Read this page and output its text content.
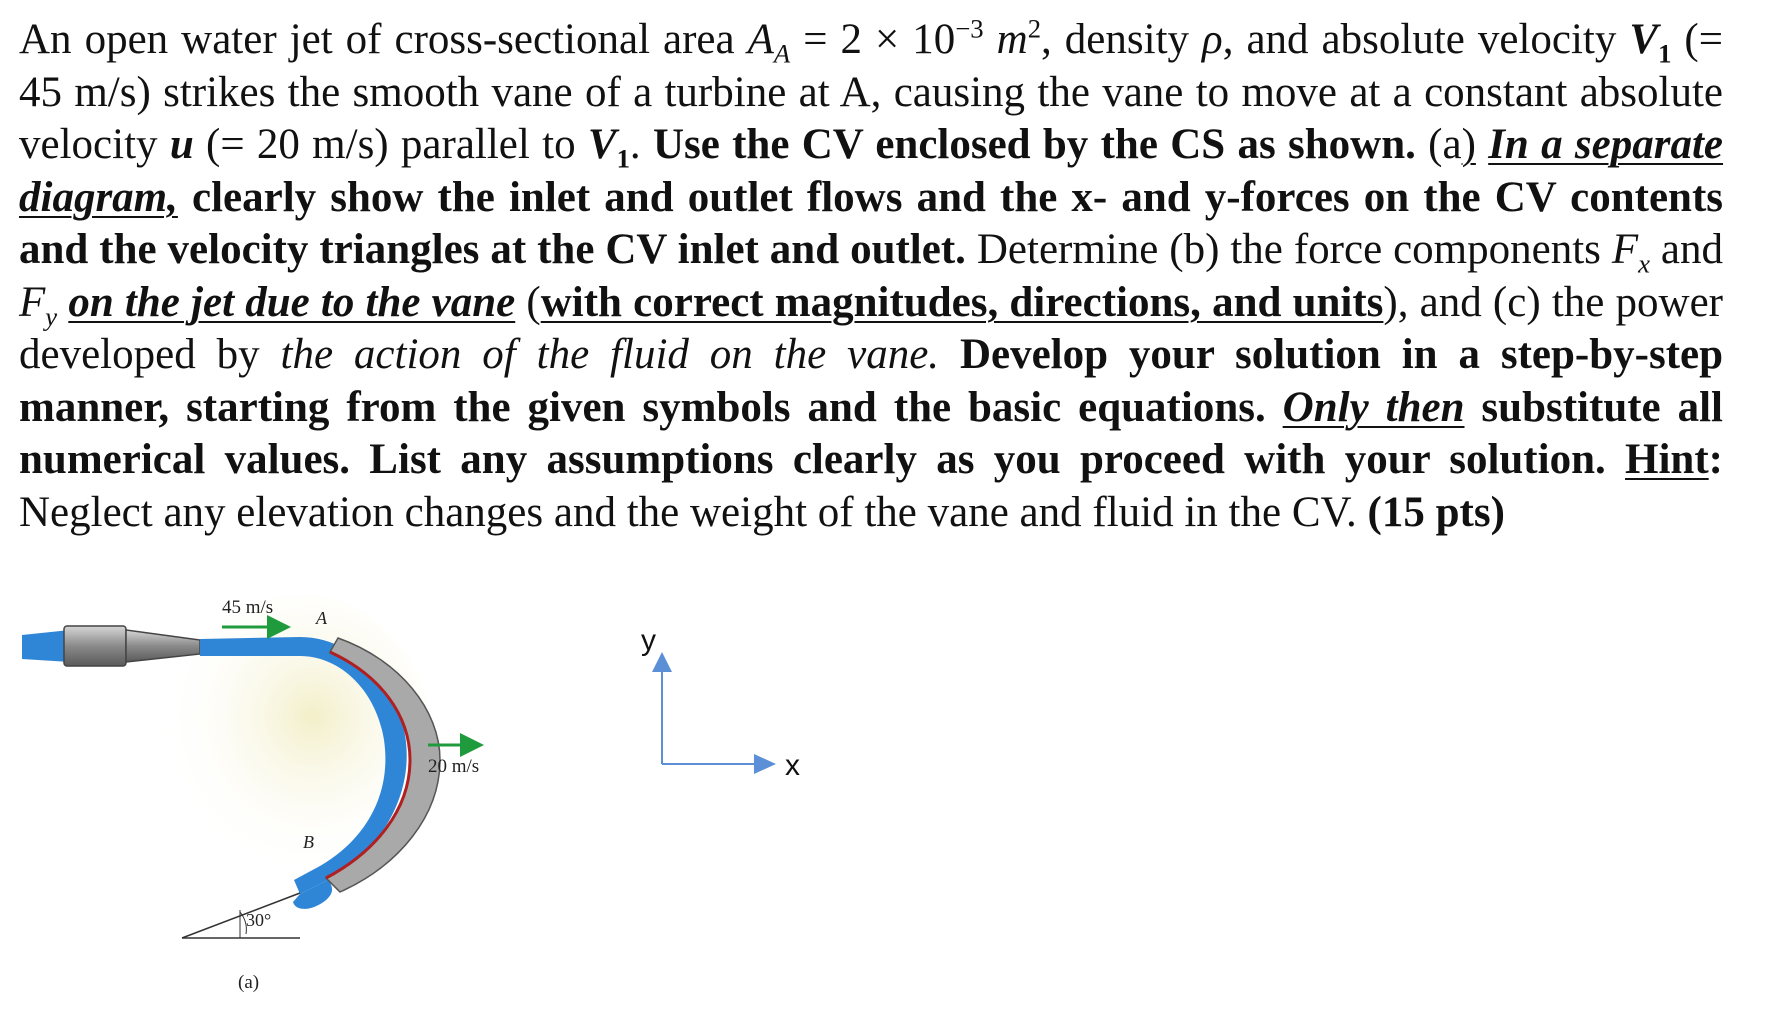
An open water jet of cross-sectional area $A_A = 2 \times 10^{-3}$ $m^2$, density ρ, and absolute velocity $V_1$ (= 45 m/s) strikes the smooth vane of a turbine at A, causing the vane to move at a constant absolute velocity u (= 20 m/s) parallel to $V_1$. Use the CV enclosed by the CS as shown. (a) In a separate diagram, clearly show the inlet and outlet flows and the x- and y-forces on the CV contents and the velocity triangles at the CV inlet and outlet. Determine (b) the force components $F_x$ and $F_y$ on the jet due to the vane (with correct magnitudes, directions, and units), and (c) the power developed by the action of the fluid on the vane. Develop your solution in a step-by-step manner, starting from the given symbols and the basic equations. Only then substitute all numerical values. List any assumptions clearly as you proceed with your solution. Hint: Neglect any elevation changes and the weight of the vane and fluid in the CV. (15 pts)
45 m/s A
20 m/s
B
30°
(a)
y
x
